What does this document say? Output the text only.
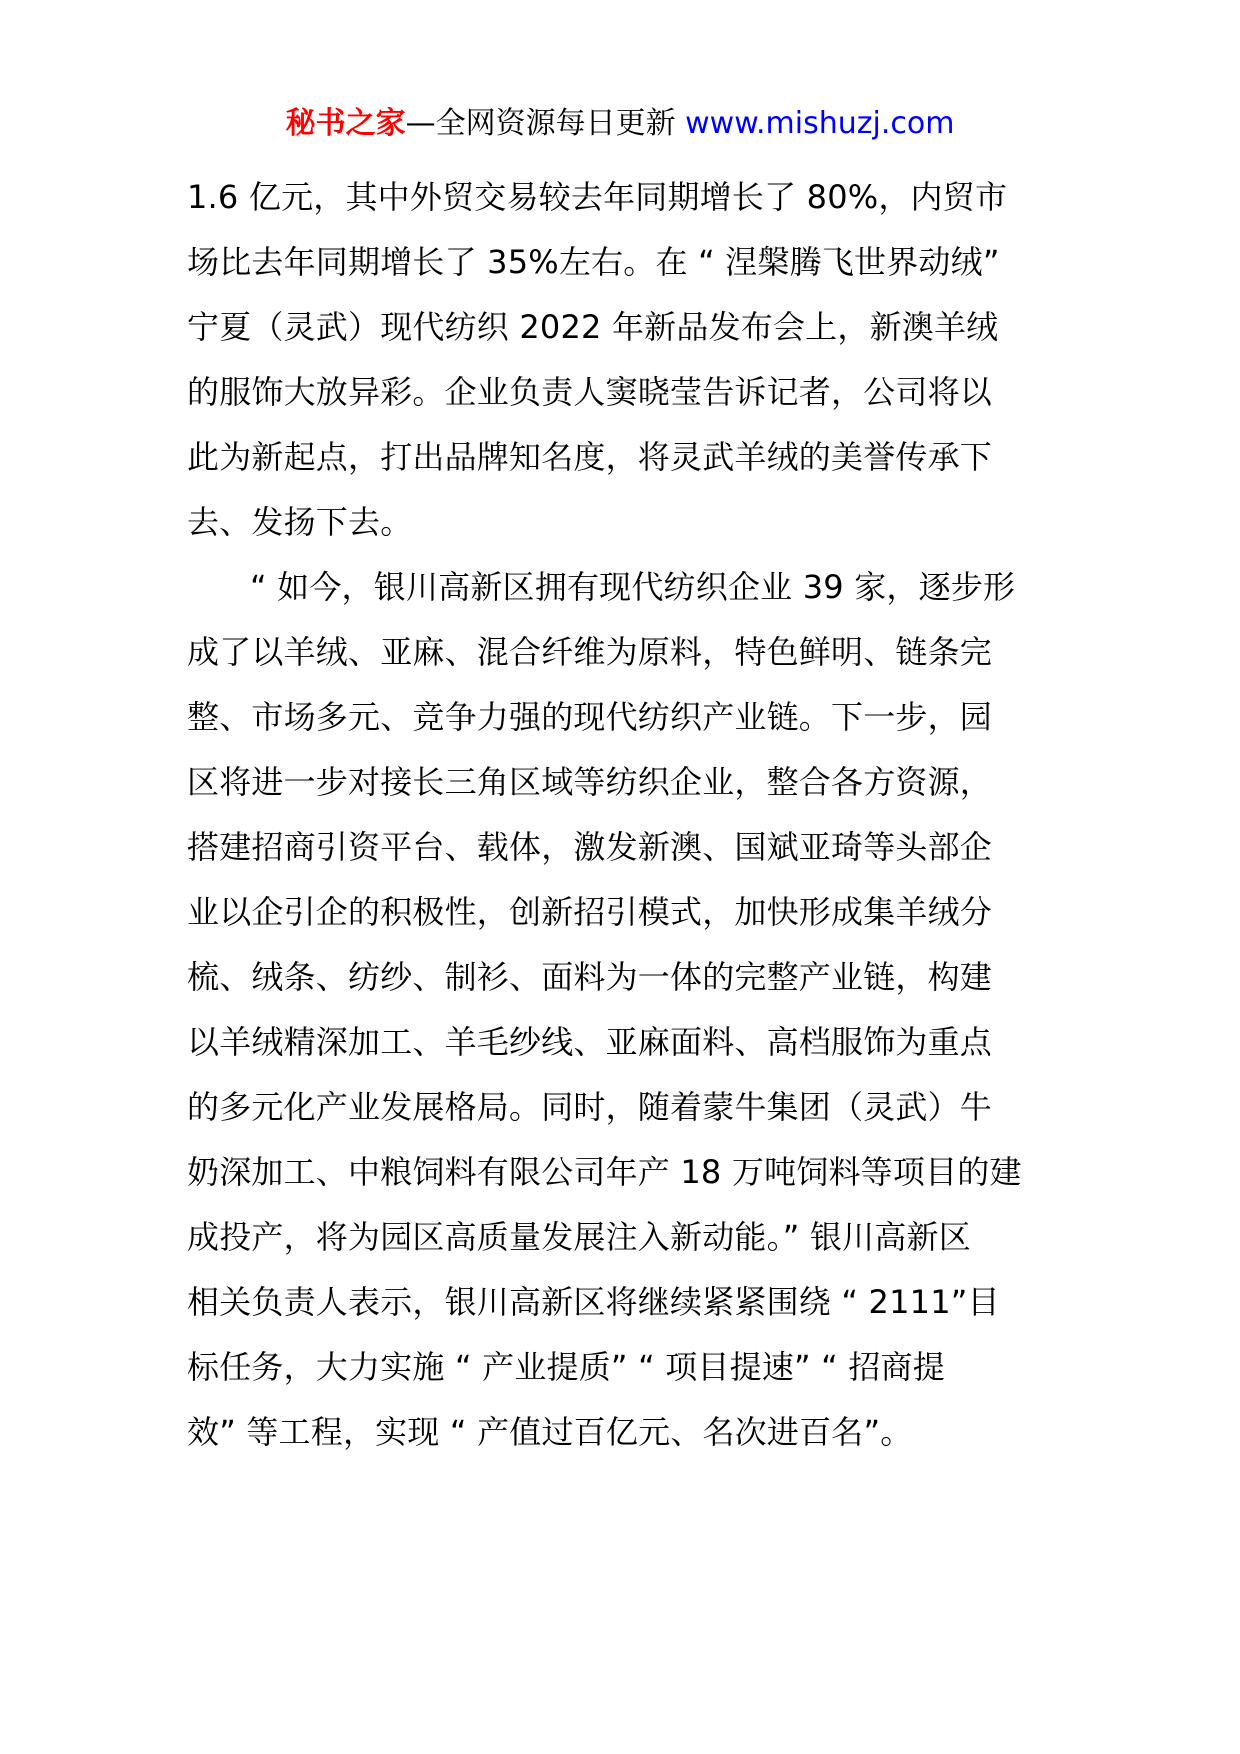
秘书之家—全网资源每日更新 www.mishuzj.com
1.6 亿元，其中外贸交易较去年同期增长了 80%，内贸市
场比去年同期增长了 35%左右。在 “ 涅槃腾飞世界动绒”
宁夏（灵武）现代纺织 2022 年新品发布会上，新澳羊绒
的服饰大放异彩。企业负责人窦晓莹告诉记者，公司将以
此为新起点，打出品牌知名度，将灵武羊绒的美誉传承下
去、发扬下去。
“ 如今，银川高新区拥有现代纺织企业 39 家，逐步形
成了以羊绒、亚麻、混合纤维为原料，特色鲜明、链条完
整、市场多元、竞争力强的现代纺织产业链。下一步，园
区将进一步对接长三角区域等纺织企业，整合各方资源，
搭建招商引资平台、载体，激发新澳、国斌亚琦等头部企
业以企引企的积极性，创新招引模式，加快形成集羊绒分
梳、绒条、纺纱、制衫、面料为一体的完整产业链，构建
以羊绒精深加工、羊毛纱线、亚麻面料、高档服饰为重点
的多元化产业发展格局。同时，随着蒙牛集团（灵武）牛
奶深加工、中粮饲料有限公司年产 18 万吨饲料等项目的建
成投产，将为园区高质量发展注入新动能。” 银川高新区
相关负责人表示，银川高新区将继续紧紧围绕 “ 2111”目
标任务，大力实施 “ 产业提质” “ 项目提速” “ 招商提
效” 等工程，实现 “ 产值过百亿元、名次进百名”。
